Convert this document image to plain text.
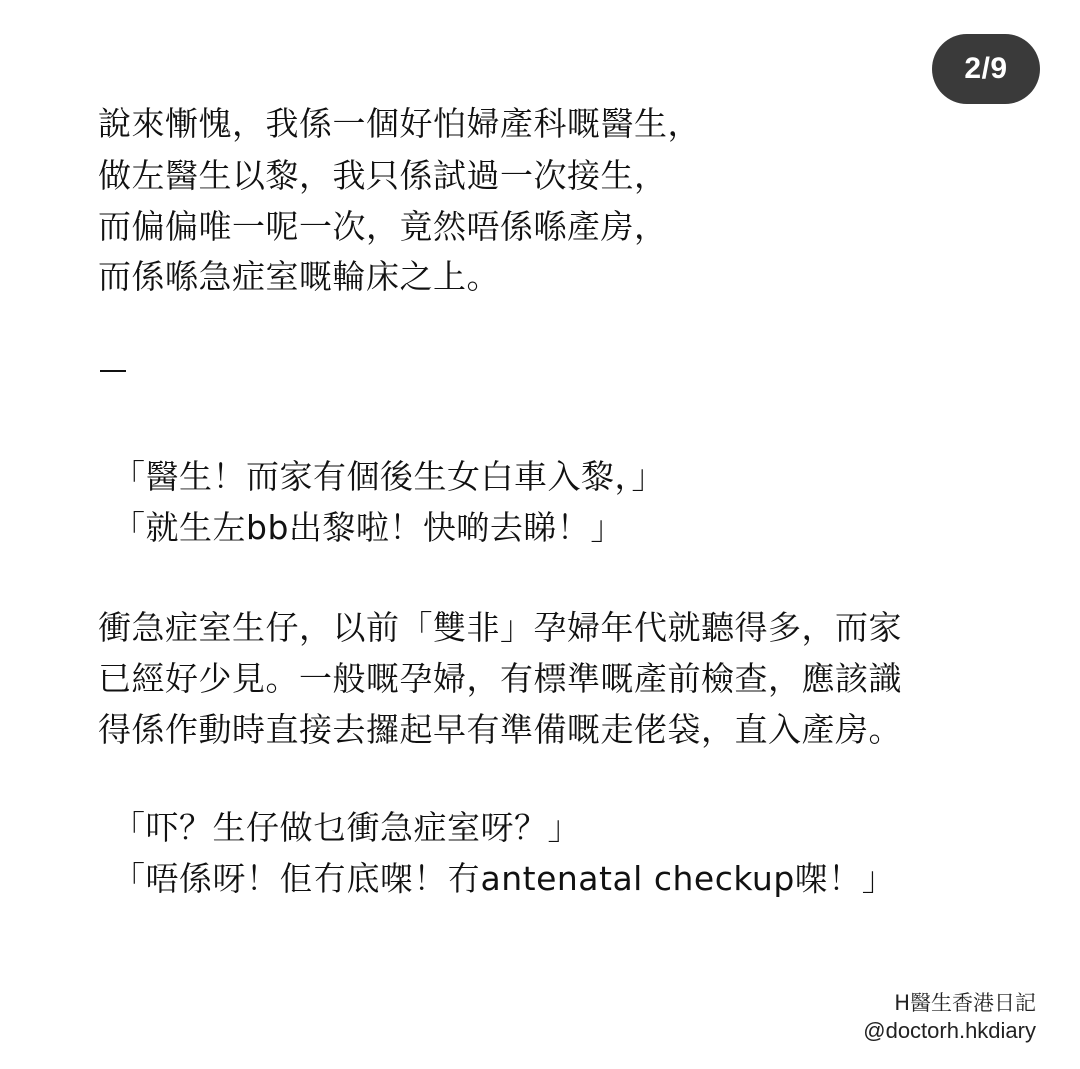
2/9
說來慚愧，我係一個好怕婦產科嘅醫生，
做左醫生以黎，我只係試過一次接生，
而偏偏唯一呢一次，竟然唔係喺產房，
而係喺急症室嘅輪床之上。
「醫生！而家有個後生女白車入黎，」
「就生左bb出黎啦！快啲去睇！」
衝急症室生仔，以前「雙非」孕婦年代就聽得多，而家
已經好少見。一般嘅孕婦，有標準嘅產前檢查，應該識
得係作動時直接去攞起早有準備嘅走佬袋，直入產房。
「吓？生仔做乜衝急症室呀？」
「唔係呀！佢冇底㗎！冇antenatal checkup㗎！」
H醫生香港日記
@doctorh.hkdiary
